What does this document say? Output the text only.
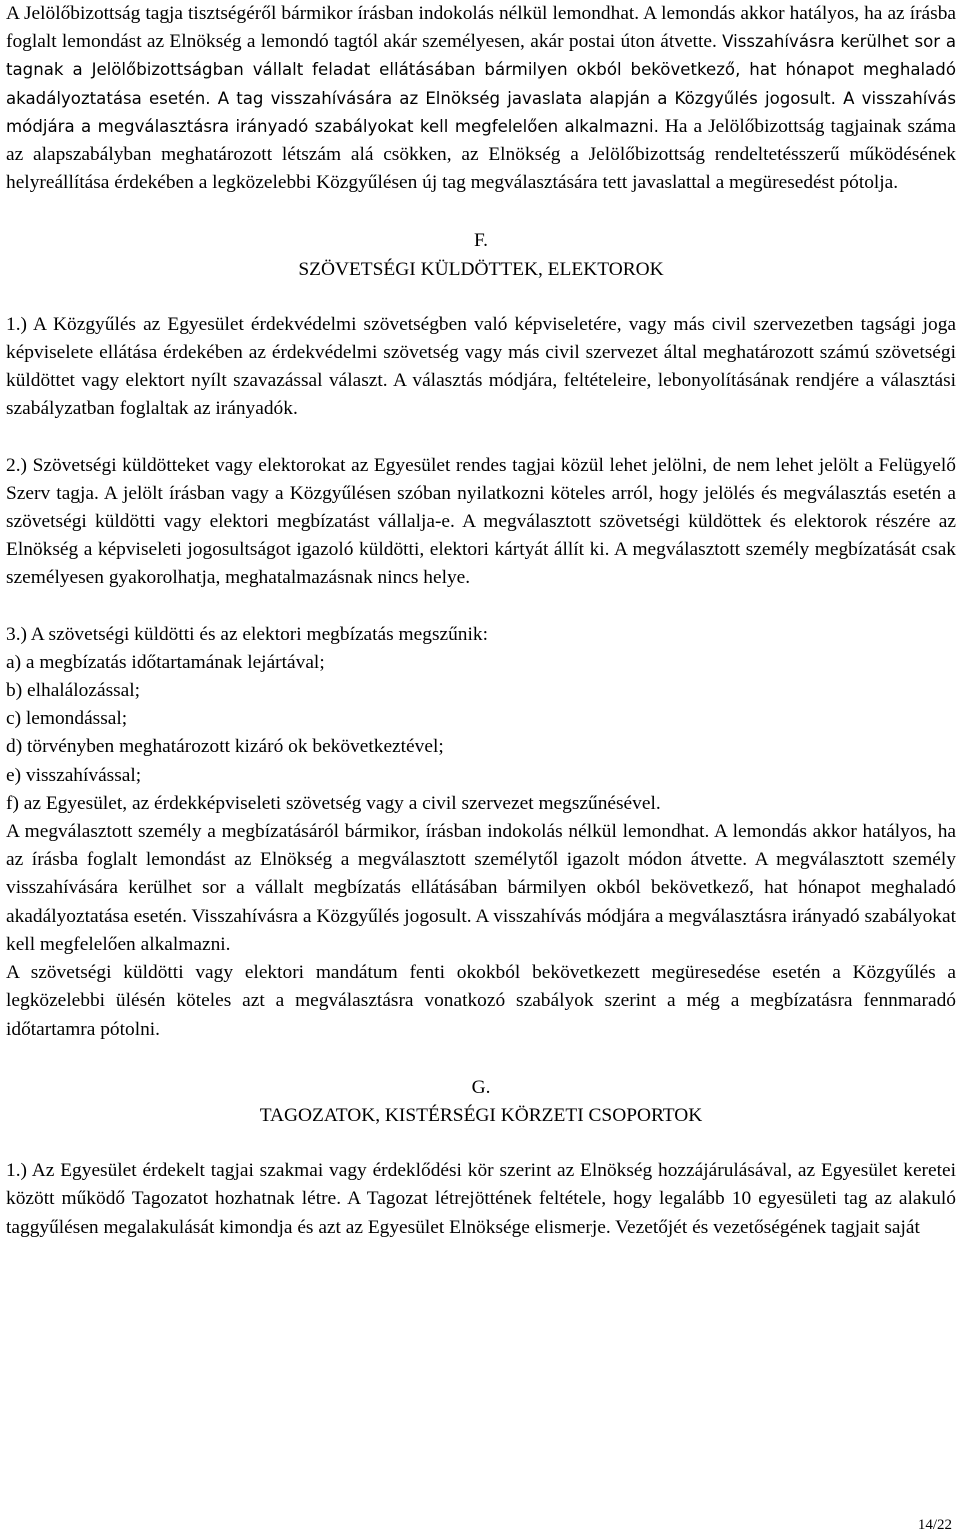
A Jelölőbizottság tagja tisztségéről bármikor írásban indokolás nélkül lemondhat. A lemondás akkor hatályos, ha az írásba foglalt lemondást az Elnökség a lemondó tagtól akár személyesen, akár postai úton átvette. Visszahívásra kerülhet sor a tagnak a Jelölőbizottságban vállalt feladat ellátásában bármilyen okból bekövetkező, hat hónapot meghaladó akadályoztatása esetén. A tag visszahívására az Elnökség javaslata alapján a Közgyűlés jogosult. A visszahívás módjára a megválasztásra irányadó szabályokat kell megfelelően alkalmazni. Ha a Jelölőbizottság tagjainak száma az alapszabályban meghatározott létszám alá csökken, az Elnökség a Jelölőbizottság rendeltetésszerű működésének helyreállítása érdekében a legközelebbi Közgyűlésen új tag megválasztására tett javaslattal a megüresedést pótolja.

F.

SZÖVETSÉGI KÜLDÖTTEK, ELEKTOROK

1.) A Közgyűlés az Egyesület érdekvédelmi szövetségben való képviseletére, vagy más civil szervezetben tagsági joga képviselete ellátása érdekében az érdekvédelmi szövetség vagy más civil szervezet által meghatározott számú szövetségi küldöttet vagy elektort nyílt szavazással választ. A választás módjára, feltételeire, lebonyolításának rendjére a választási szabályzatban foglaltak az irányadók.

2.) Szövetségi küldötteket vagy elektorokat az Egyesület rendes tagjai közül lehet jelölni, de nem lehet jelölt a Felügyelő Szerv tagja. A jelölt írásban vagy a Közgyűlésen szóban nyilatkozni köteles arról, hogy jelölés és megválasztás esetén a szövetségi küldötti vagy elektori megbízatást vállalja-e. A megválasztott szövetségi küldöttek és elektorok részére az Elnökség a képviseleti jogosultságot igazoló küldötti, elektori kártyát állít ki. A megválasztott személy megbízatását csak személyesen gyakorolhatja, meghatalmazásnak nincs helye.

3.) A szövetségi küldötti és az elektori megbízatás megszűnik:

a) a megbízatás időtartamának lejártával;

b) elhalálozással;

c) lemondással;

d) törvényben meghatározott kizáró ok bekövetkeztével;

e) visszahívással;

f) az Egyesület, az érdekképviseleti szövetség vagy a civil szervezet megszűnésével.

A megválasztott személy a megbízatásáról bármikor, írásban indokolás nélkül lemondhat. A lemondás akkor hatályos, ha az írásba foglalt lemondást az Elnökség a megválasztott személytől igazolt módon átvette. A megválasztott személy visszahívására kerülhet sor a vállalt megbízatás ellátásában bármilyen okból bekövetkező, hat hónapot meghaladó akadályoztatása esetén. Visszahívásra a Közgyűlés jogosult. A visszahívás módjára a megválasztásra irányadó szabályokat kell megfelelően alkalmazni.

A szövetségi küldötti vagy elektori mandátum fenti okokból bekövetkezett megüresedése esetén a Közgyűlés a legközelebbi ülésén köteles azt a megválasztásra vonatkozó szabályok szerint a még a megbízatásra fennmaradó időtartamra pótolni.

G.

TAGOZATOK, KISTÉRSÉGI KÖRZETI CSOPORTOK

1.) Az Egyesület érdekelt tagjai szakmai vagy érdeklődési kör szerint az Elnökség hozzájárulásával, az Egyesület keretei között működő Tagozatot hozhatnak létre. A Tagozat létrejöttének feltétele, hogy legalább 10 egyesületi tag az alakuló taggyűlésen megalakulását kimondja és azt az Egyesület Elnöksége elismerje. Vezetőjét és vezetőségének tagjait saját

14/22
